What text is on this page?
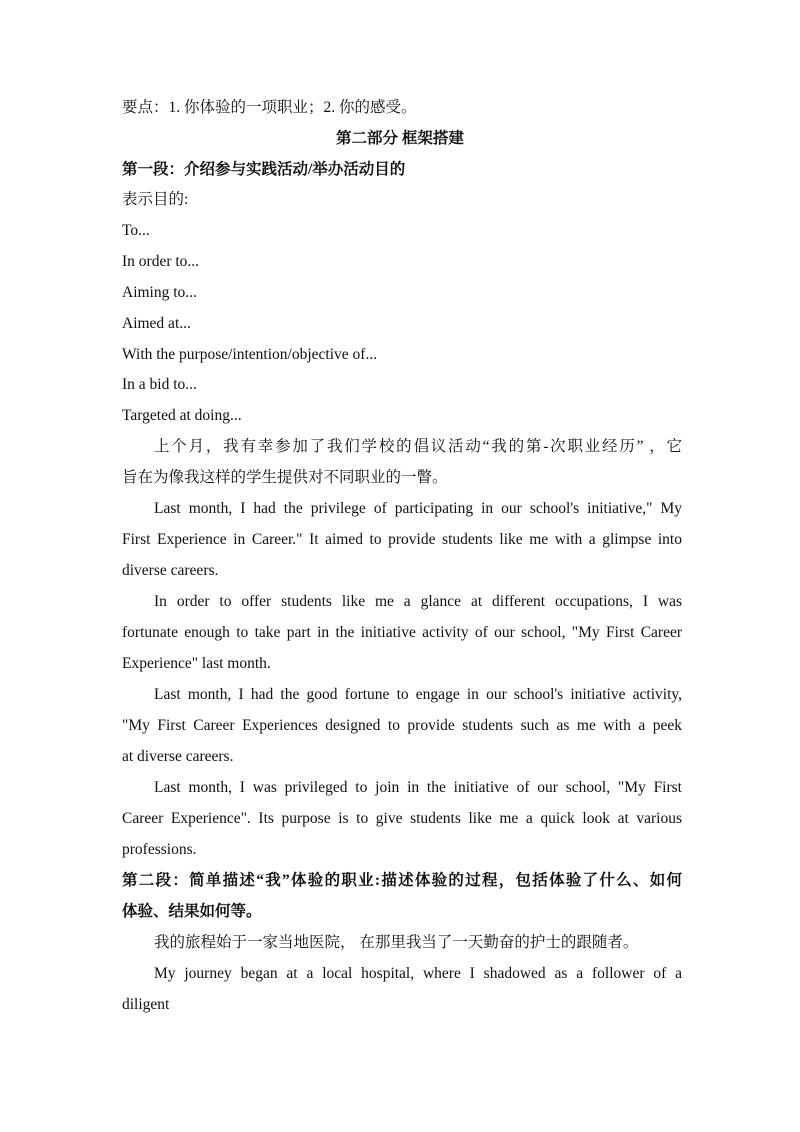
要点：1. 你体验的一项职业；2. 你的感受。
第二部分 框架搭建
第一段：介绍参与实践活动/举办活动目的
表示目的:
To...
In order to...
Aiming to...
Aimed at...
With the purpose/intention/objective of...
In a bid to...
Targeted at doing...
上个月，我有幸参加了我们学校的倡议活动“我的第-次职业经历” ，它
旨在为像我这样的学生提供对不同职业的一瞥。
Last month, I had the privilege of participating in our school's initiative," My
First Experience in Career." It aimed to provide students like me with a glimpse into
diverse careers.
In order to offer students like me a glance at different occupations, I was
fortunate enough to take part in the initiative activity of our school, "My First Career
Experience" last month.
Last month, I had the good fortune to engage in our school's initiative activity,
"My First Career Experiences designed to provide students such as me with a peek
at diverse careers.
Last month, I was privileged to join in the initiative of our school, "My First
Career Experience". Its purpose is to give students like me a quick look at various
professions.
第二段：简单描述“我”体验的职业:描述体验的过程，包括体验了什么、如何
体验、结果如何等。
我的旅程始于一家当地医院， 在那里我当了一天勤奋的护士的跟随者。
My journey began at a local hospital, where I shadowed as a follower of a
diligent
